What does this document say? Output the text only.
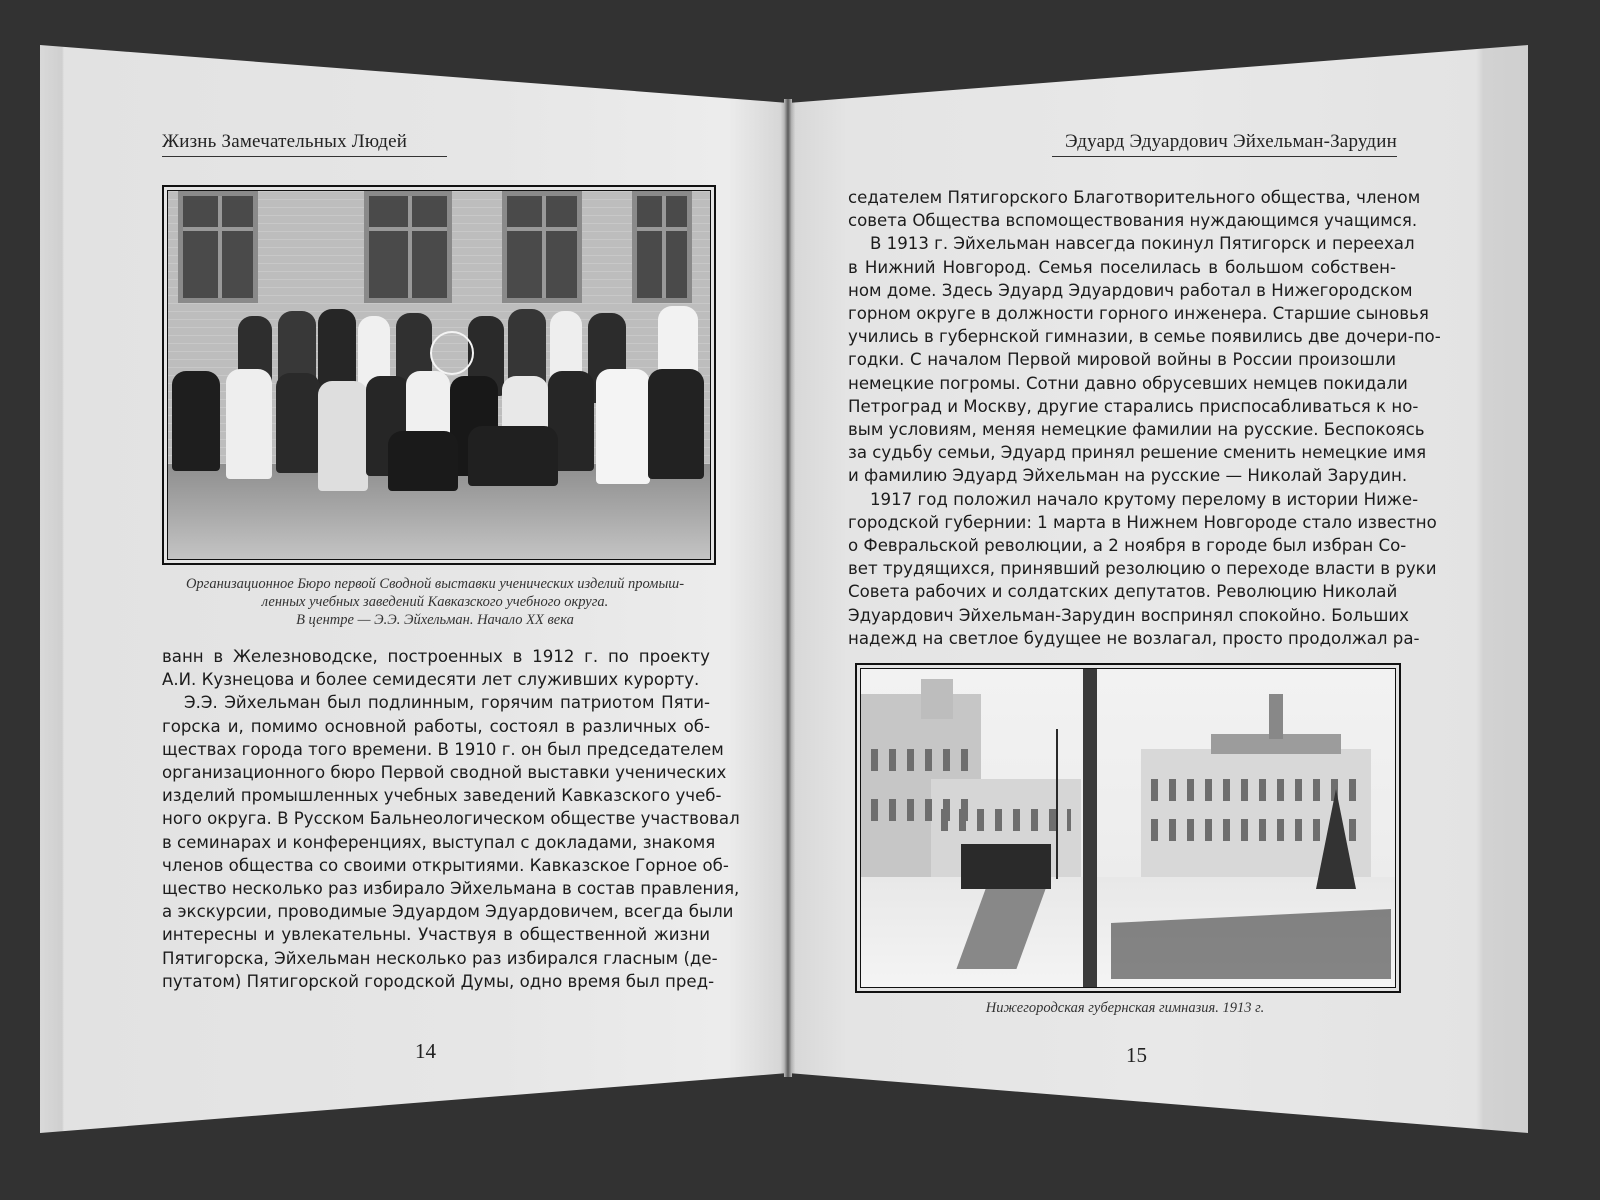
Жизнь Замечательных Людей	Эдуард Эдуардович Эйхельман-Зарудин
Организационное Бюро первой Сводной выставки ученических изделий промыш-
ленных учебных заведений Кавказского учебного округа.
В центре — Э.Э. Эйхельман. Начало XX века
ванн в Железноводске, построенных в 1912 г. по проекту
А.И. Кузнецова и более семидесяти лет служивших курорту.
Э.Э. Эйхельман был подлинным, горячим патриотом Пяти-
горска и, помимо основной работы, состоял в различных об-
ществах города того времени. В 1910 г. он был председателем
организационного бюро Первой сводной выставки ученических
изделий промышленных учебных заведений Кавказского учеб-
ного округа. В Русском Бальнеологическом обществе участвовал
в семинарах и конференциях, выступал с докладами, знакомя
членов общества со своими открытиями. Кавказское Горное об-
щество несколько раз избирало Эйхельмана в состав правления,
а экскурсии, проводимые Эдуардом Эдуардовичем, всегда были
интересны и увлекательны. Участвуя в общественной жизни
Пятигорска, Эйхельман несколько раз избирался гласным (де-
путатом) Пятигорской городской Думы, одно время был пред-
14
седателем Пятигорского Благотворительного общества, членом
совета Общества вспомоществования нуждающимся учащимся.
В 1913 г. Эйхельман навсегда покинул Пятигорск и переехал
в Нижний Новгород. Семья поселилась в большом собствен-
ном доме. Здесь Эдуард Эдуардович работал в Нижегородском
горном округе в должности горного инженера. Старшие сыновья
учились в губернской гимназии, в семье появились две дочери-по-
годки. С началом Первой мировой войны в России произошли
немецкие погромы. Сотни давно обрусевших немцев покидали
Петроград и Москву, другие старались приспосабливаться к но-
вым условиям, меняя немецкие фамилии на русские. Беспокоясь
за судьбу семьи, Эдуард принял решение сменить немецкие имя
и фамилию Эдуард Эйхельман на русские — Николай Зарудин.
1917 год положил начало крутому перелому в истории Ниже-
городской губернии: 1 марта в Нижнем Новгороде стало известно
о Февральской революции, а 2 ноября в городе был избран Со-
вет трудящихся, принявший резолюцию о переходе власти в руки
Совета рабочих и солдатских депутатов. Революцию Николай
Эдуардович Эйхельман-Зарудин воспринял спокойно. Больших
надежд на светлое будущее не возлагал, просто продолжал ра-
Нижегородская губернская гимназия. 1913 г.
15
